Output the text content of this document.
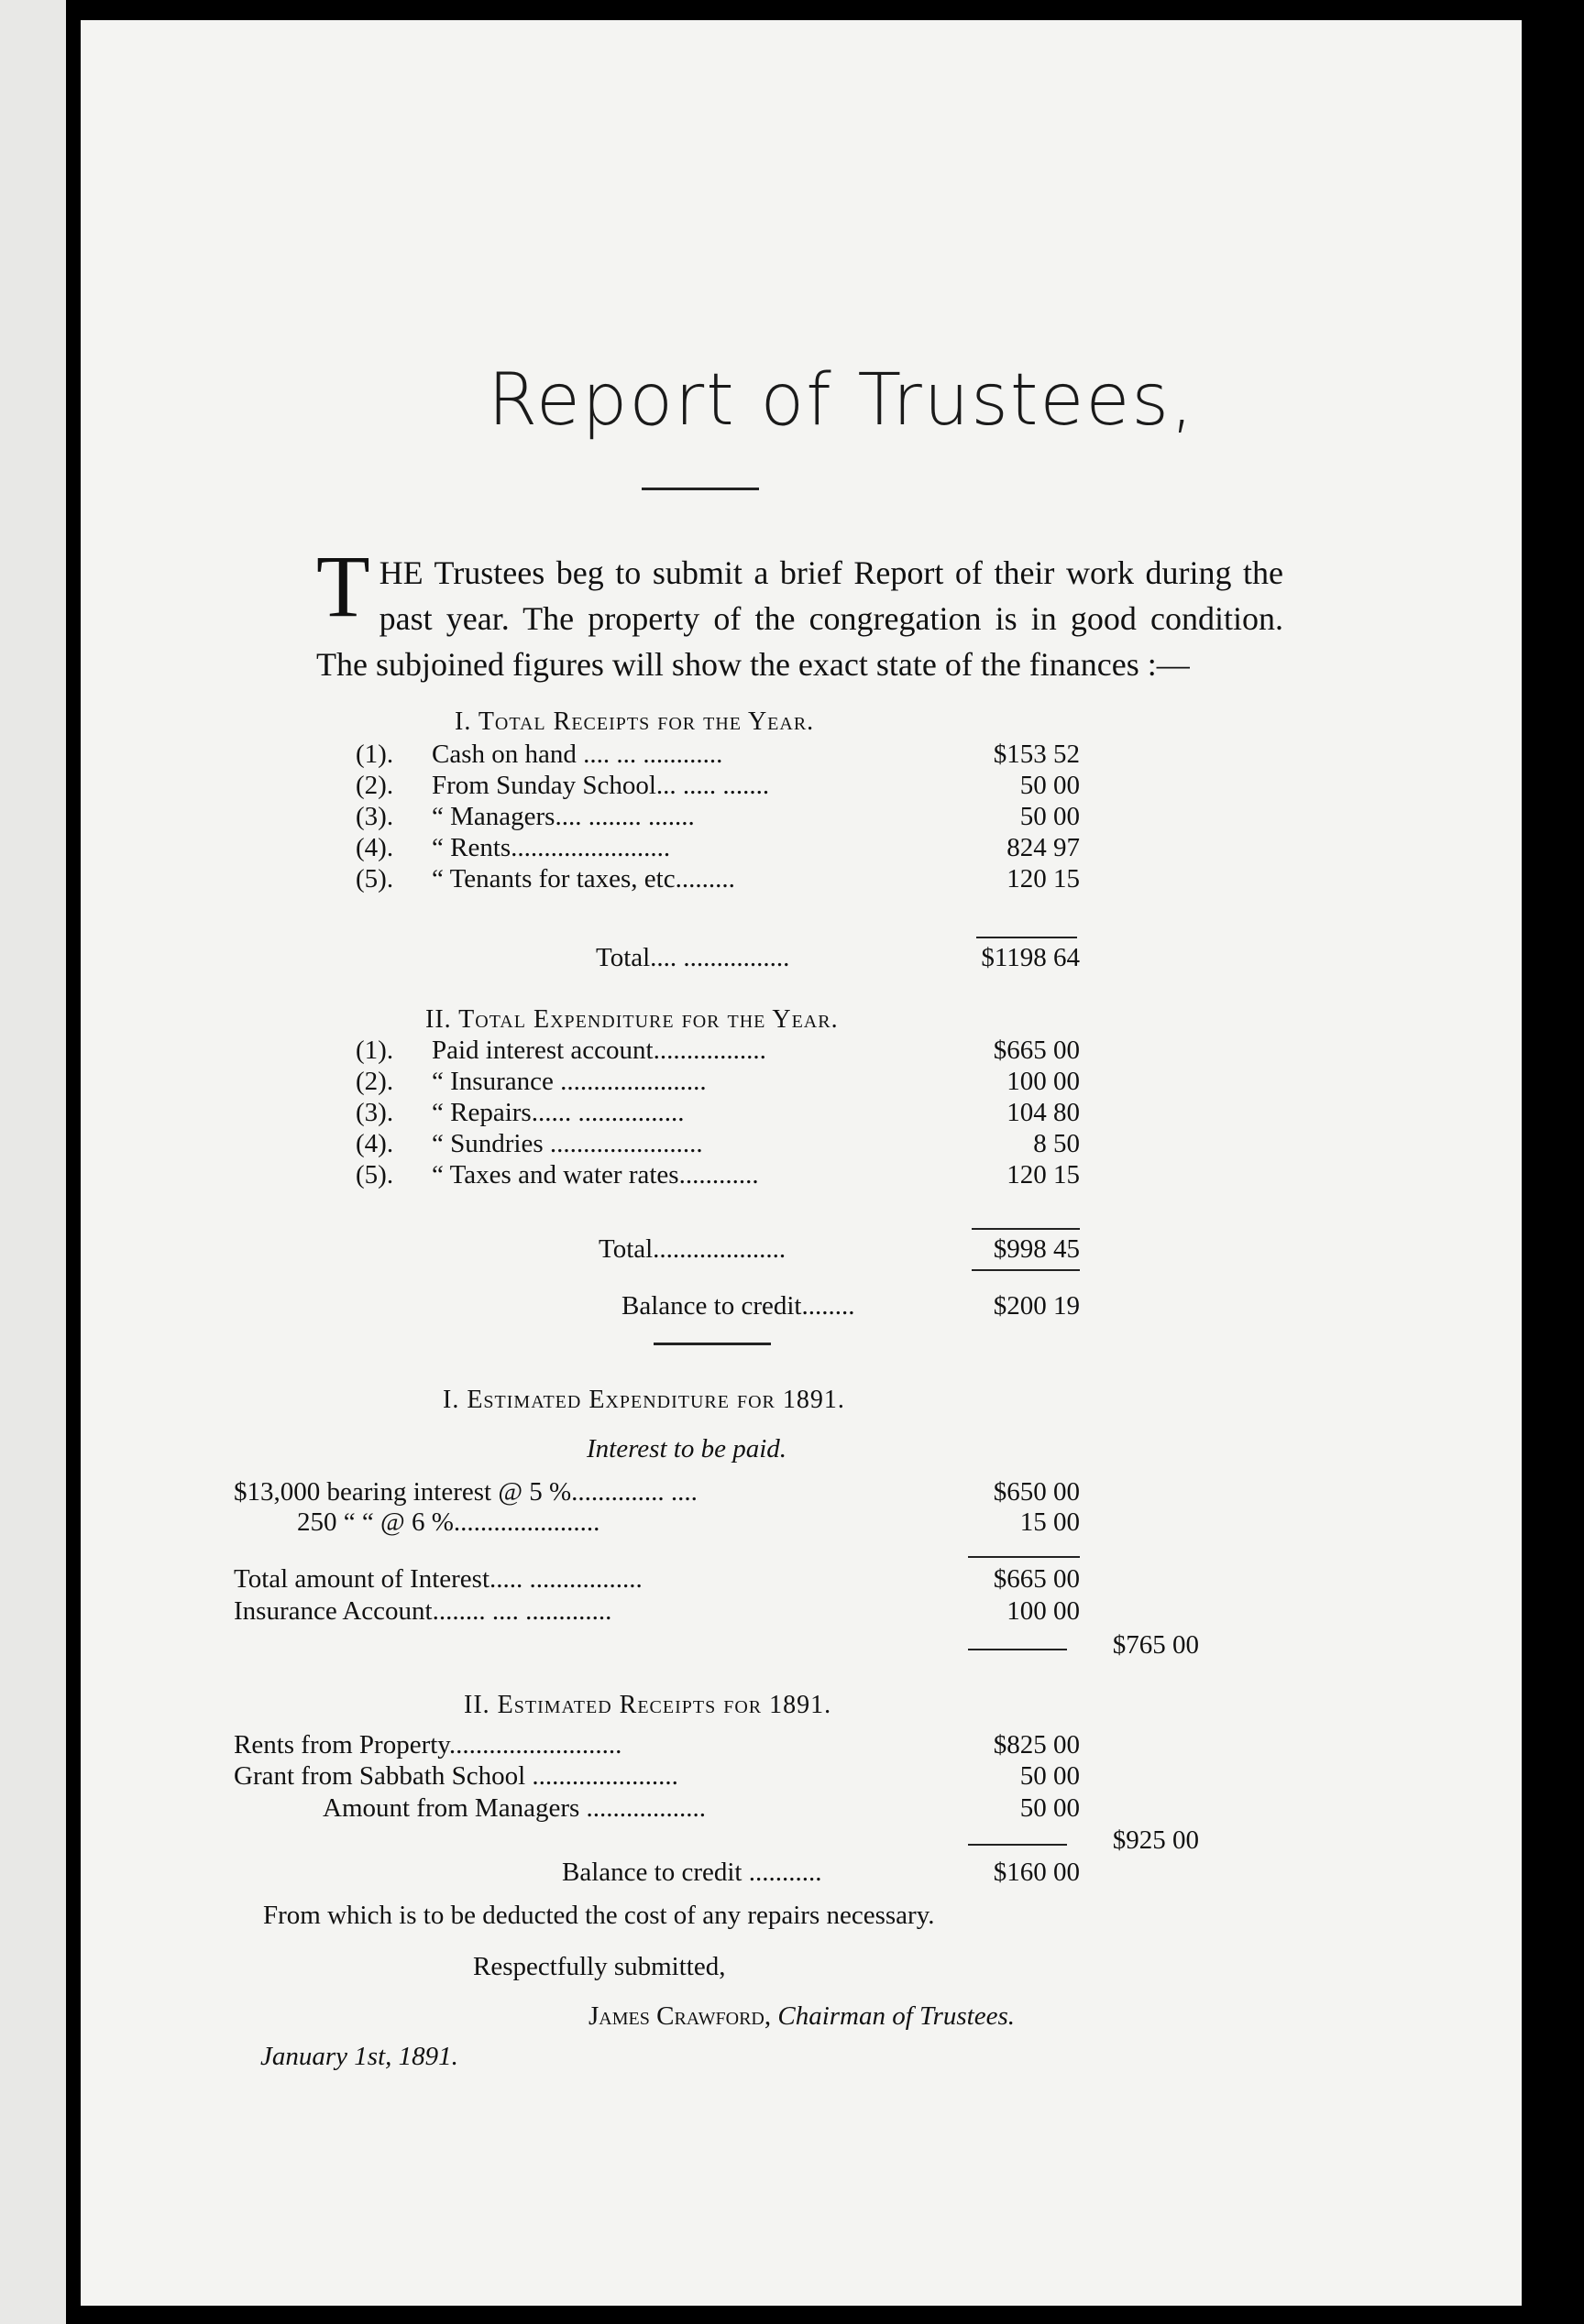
Report of Trustees,
THE Trustees beg to submit a brief Report of their work during the past year. The property of the congregation is in good condition. The subjoined figures will show the exact state of the finances :—
I. Total Receipts for the Year.
(1). Cash on hand .... ... ............	$153 52
(2). From Sunday School... ..... .......	50 00
(3). “ Managers.... ........ .......	50 00
(4). “ Rents........................	824 97
(5). “ Tenants for taxes, etc.........	120 15
Total.... ................	$1198 64
II. Total Expenditure for the Year.
(1). Paid interest account.................	$665 00
(2). “ Insurance ......................	100 00
(3). “ Repairs...... ................	104 80
(4). “ Sundries .......................	8 50
(5). “ Taxes and water rates............	120 15
Total....................	$998 45
Balance to credit........	$200 19
I. Estimated Expenditure for 1891.
Interest to be paid.
$13,000 bearing interest @ 5 %.............. ....	$650 00
250 “ “ @ 6 %......................	15 00
Total amount of Interest..... .................	$665 00
Insurance Account........ .... .............	100 00
$765 00
II. Estimated Receipts for 1891.
Rents from Property..........................	$825 00
Grant from Sabbath School ......................	50 00
Amount from Managers ..................	50 00
$925 00
Balance to credit ...........	$160 00
From which is to be deducted the cost of any repairs necessary.
Respectfully submitted,
James Crawford, Chairman of Trustees.
January 1st, 1891.
